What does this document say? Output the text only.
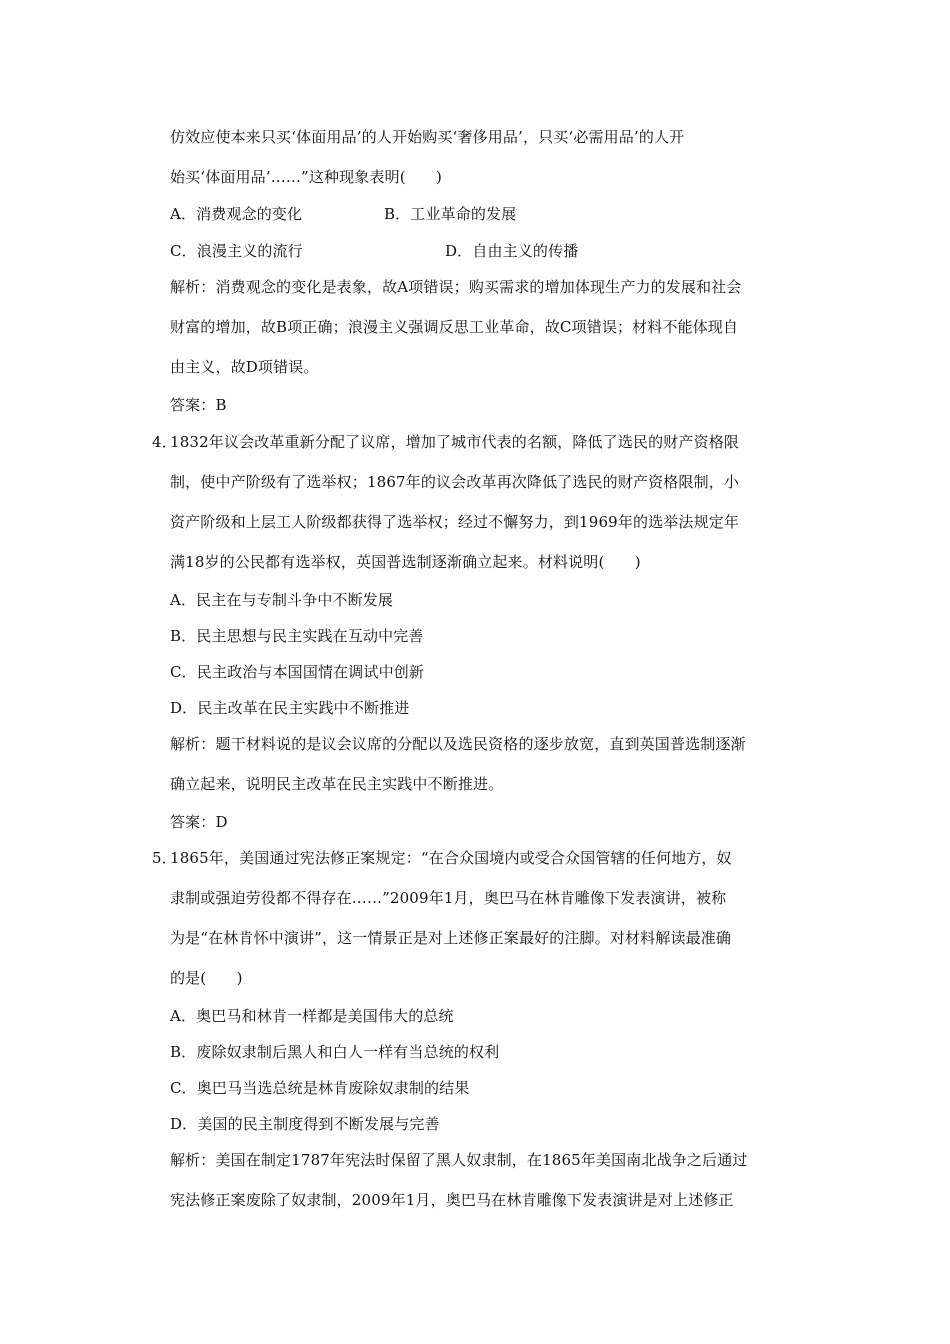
仿效应使本来只买‘体面用品’的人开始购买‘奢侈用品’，只买‘必需用品’的人开
始买‘体面用品’……”这种现象表明(　　)
A．消费观念的变化	B．工业革命的发展
C．浪漫主义的流行	D．自由主义的传播
解析：消费观念的变化是表象，故A项错误；购买需求的增加体现生产力的发展和社会
财富的增加，故B项正确；浪漫主义强调反思工业革命，故C项错误；材料不能体现自
由主义，故D项错误。
答案：B
4．
1832年议会改革重新分配了议席，增加了城市代表的名额，降低了选民的财产资格限
制，使中产阶级有了选举权；1867年的议会改革再次降低了选民的财产资格限制，小
资产阶级和上层工人阶级都获得了选举权；经过不懈努力，到1969年的选举法规定年
满18岁的公民都有选举权，英国普选制逐渐确立起来。材料说明(　　)
A．民主在与专制斗争中不断发展
B．民主思想与民主实践在互动中完善
C．民主政治与本国国情在调试中创新
D．民主改革在民主实践中不断推进
解析：题干材料说的是议会议席的分配以及选民资格的逐步放宽，直到英国普选制逐渐
确立起来，说明民主改革在民主实践中不断推进。
答案：D
5．
1865年，美国通过宪法修正案规定：“在合众国境内或受合众国管辖的任何地方，奴
隶制或强迫劳役都不得存在……”2009年1月，奥巴马在林肯雕像下发表演讲，被称
为是“在林肯怀中演讲”，这一情景正是对上述修正案最好的注脚。对材料解读最准确
的是(　　)
A．奥巴马和林肯一样都是美国伟大的总统
B．废除奴隶制后黑人和白人一样有当总统的权利
C．奥巴马当选总统是林肯废除奴隶制的结果
D．美国的民主制度得到不断发展与完善
解析：美国在制定1787年宪法时保留了黑人奴隶制，在1865年美国南北战争之后通过
宪法修正案废除了奴隶制，2009年1月，奥巴马在林肯雕像下发表演讲是对上述修正
